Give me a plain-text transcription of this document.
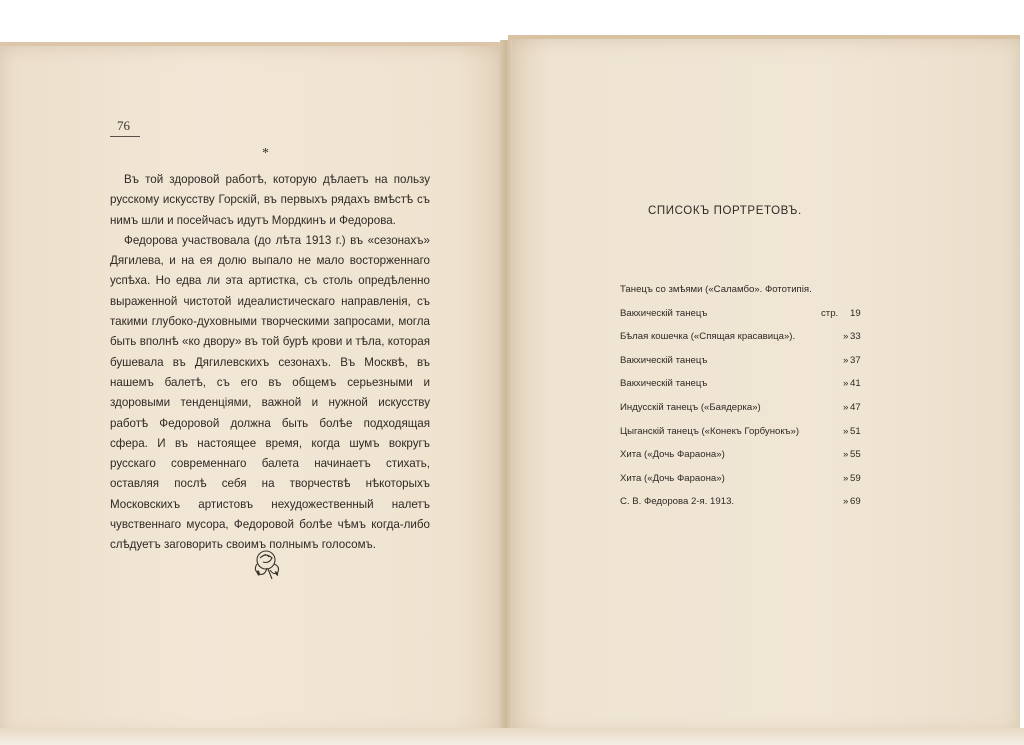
76
*

Въ той здоровой работѣ, которую дѣлаетъ на пользу русскому искусству Горскій, въ первыхъ рядахъ вмѣстѣ съ нимъ шли и посейчасъ идутъ Мордкинъ и Федорова.

Федорова участвовала (до лѣта 1913 г.) въ «сезонахъ» Дягилева, и на ея долю выпало не мало восторженнаго успѣха. Но едва ли эта артистка, съ столь опредѣленно выраженной чистотой идеалистическаго направленія, съ такими глубоко-духовными творческими запросами, могла быть вполнѣ «ко двору» въ той бурѣ крови и тѣла, которая бушевала въ Дягилевскихъ сезонахъ. Въ Москвѣ, въ нашемъ балетѣ, съ его въ общемъ серьезными и здоровыми тенденціями, важной и нужной искусству работѣ Федоровой должна быть болѣе подходящая сфера. И въ настоящее время, когда шумъ вокругъ русскаго современнаго балета начинаетъ стихать, оставляя послѣ себя на творчествѣ нѣкоторыхъ Московскихъ артистовъ нехудожественный налетъ чувственнаго мусора, Федоровой болѣе чѣмъ когда-либо слѣдуетъ заговорить своимъ полнымъ голосомъ.

СПИСОКЪ ПОРТРЕТОВЪ.
Танецъ со змѣями («Саламбо». Фототипія.
Вакхическій танецъ	стр. 19
Бѣлая кошечка («Спящая красавица»).	» 33
Вакхическій танецъ	» 37
Вакхическій танецъ	» 41
Индусскій танецъ («Баядерка»)	» 47
Цыганскій танецъ («Конекъ Горбунокъ»)	» 51
Хита («Дочь Фараона»)	» 55
Хита («Дочь Фараона»)	» 59
С. В. Федорова 2-я. 1913.	» 69
